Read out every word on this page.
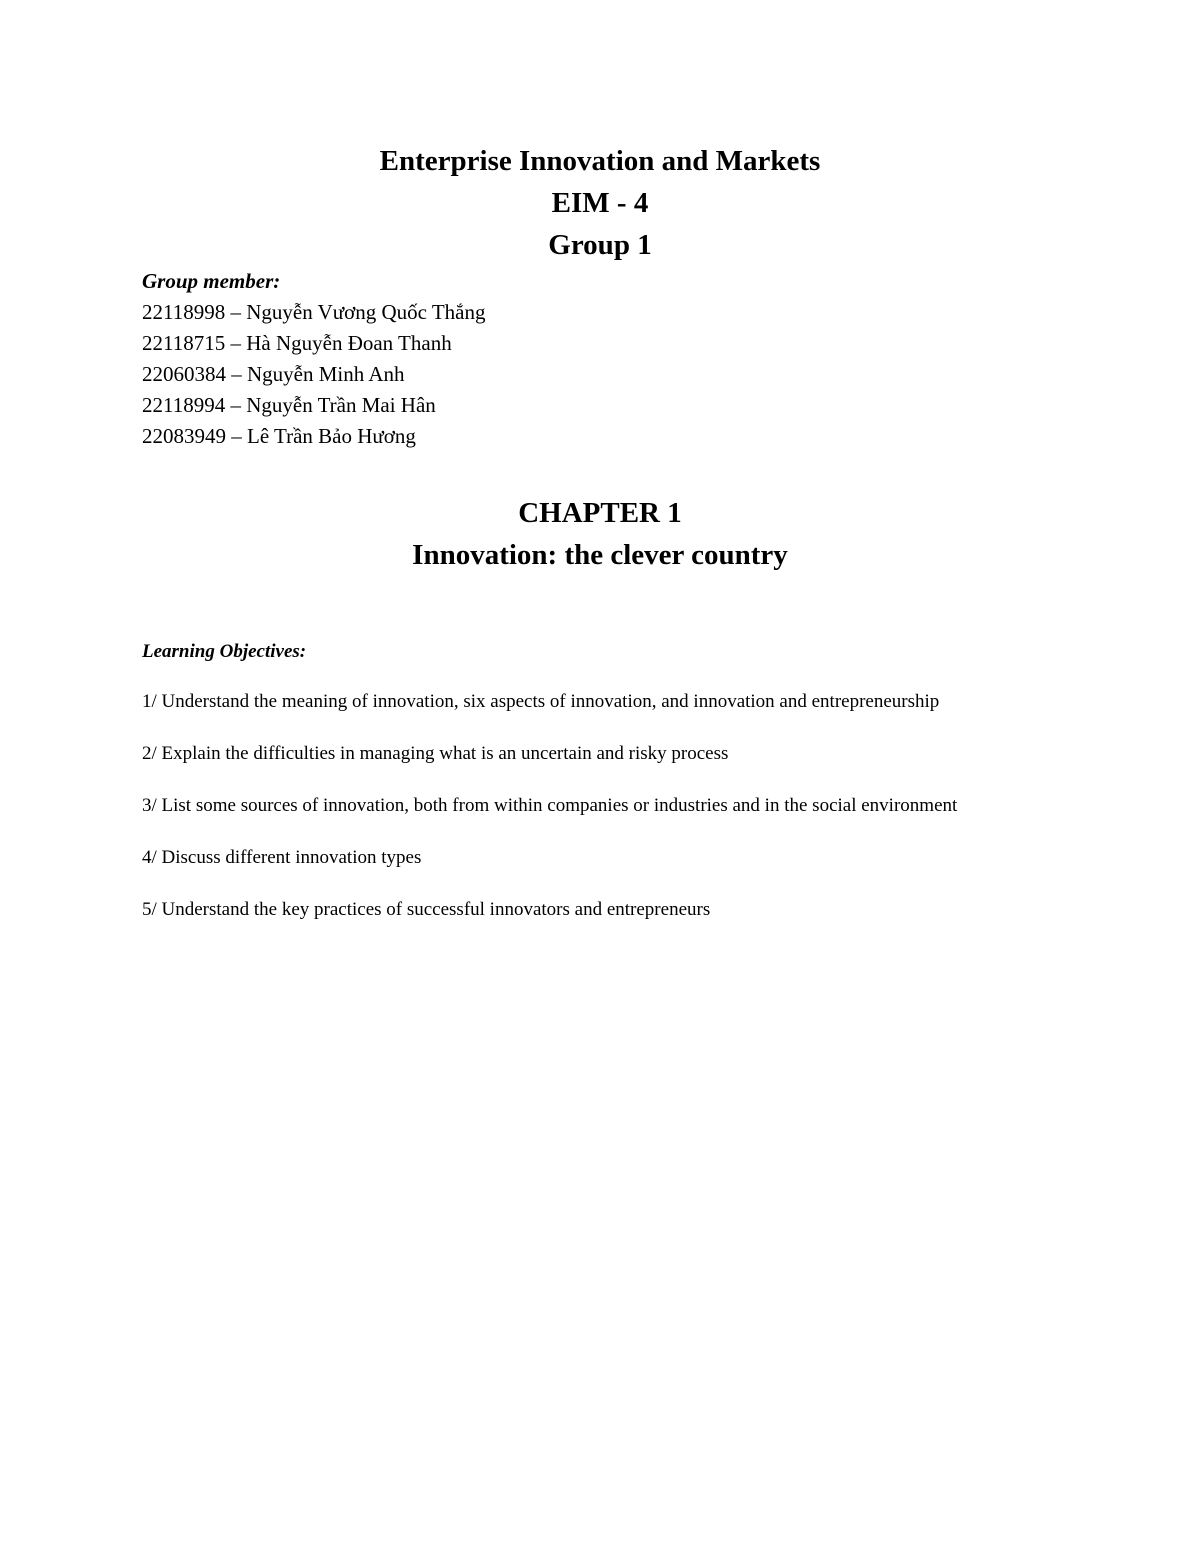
Enterprise Innovation and Markets
EIM - 4
Group 1
Group member:
22118998 – Nguyễn Vương Quốc Thắng
22118715 – Hà Nguyễn Đoan Thanh
22060384 – Nguyễn Minh Anh
22118994 – Nguyễn Trần Mai Hân
22083949 – Lê Trần Bảo Hương
CHAPTER 1
Innovation: the clever country
Learning Objectives:
1/ Understand the meaning of innovation, six aspects of innovation, and innovation and entrepreneurship
2/ Explain the difficulties in managing what is an uncertain and risky process
3/ List some sources of innovation, both from within companies or industries and in the social environment
4/ Discuss different innovation types
5/ Understand the key practices of successful innovators and entrepreneurs
